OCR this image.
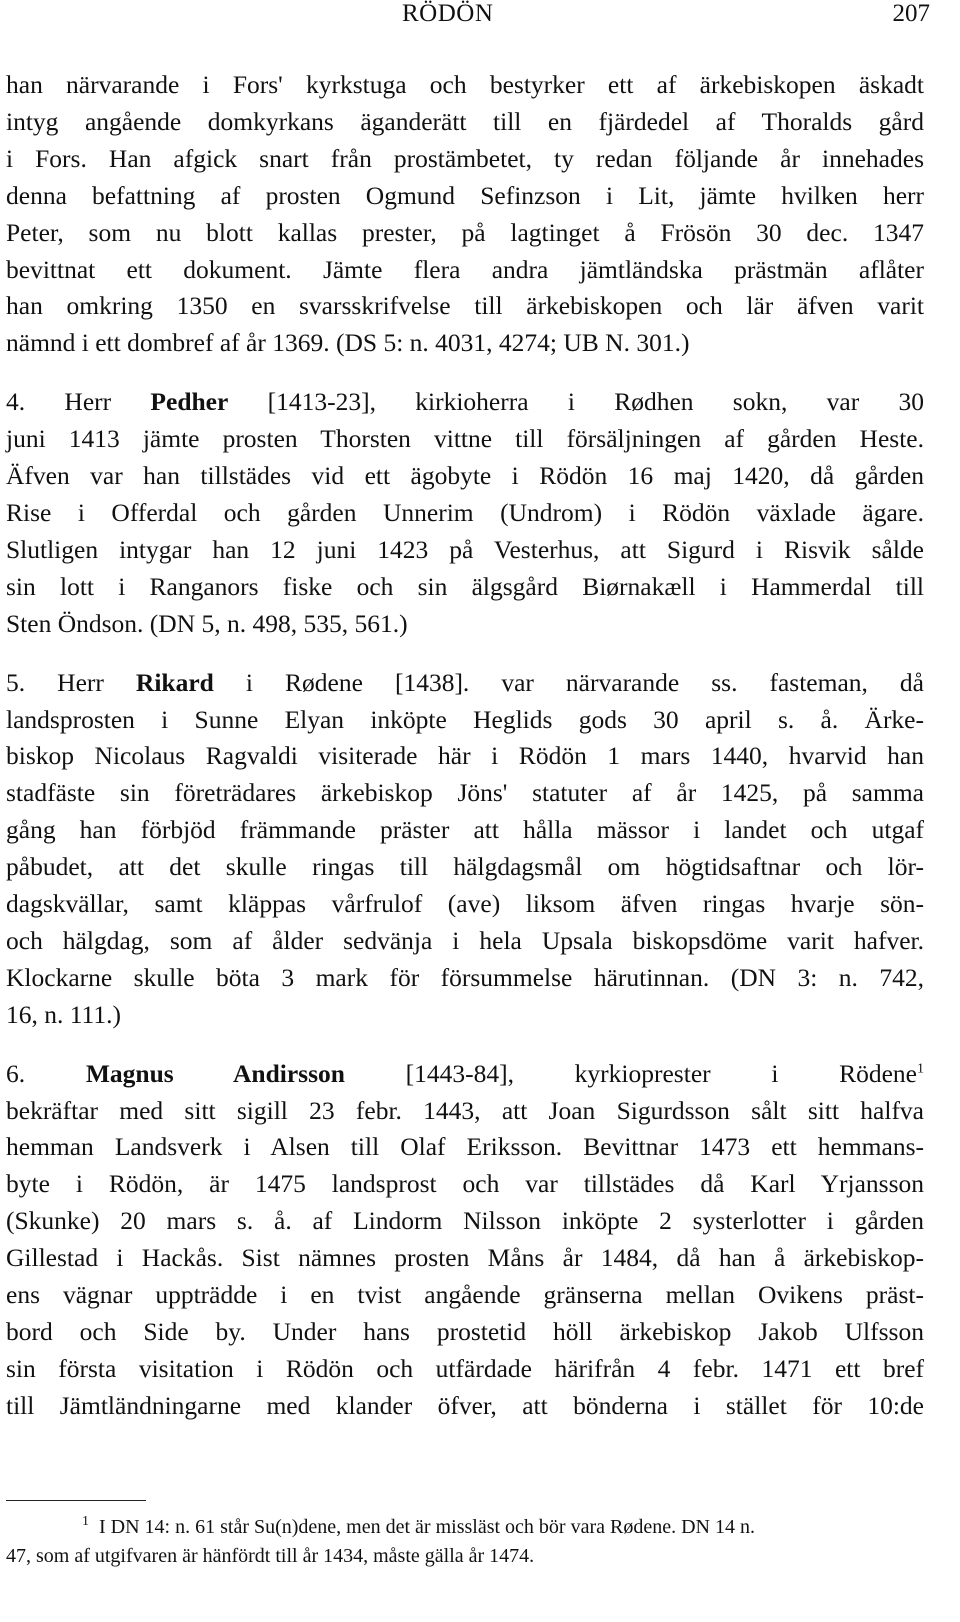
RÖDÖN	207
han närvarande i Fors' kyrkstuga och bestyrker ett af ärkebiskopen äskadt
intyg angående domkyrkans äganderätt till en fjärdedel af Thoralds gård
i Fors. Han afgick snart från prostämbetet, ty redan följande år innehades
denna befattning af prosten Ogmund Sefinzson i Lit, jämte hvilken herr
Peter, som nu blott kallas prester, på lagtinget å Frösön 30 dec. 1347
bevittnat ett dokument. Jämte flera andra jämtländska prästmän aflåter
han omkring 1350 en svarsskrifvelse till ärkebiskopen och lär äfven varit
nämnd i ett dombref af år 1369. (DS 5: n. 4031, 4274; UB N. 301.)
4. Herr Pedher [1413-23], kirkioherra i Rødhen sokn, var 30
juni 1413 jämte prosten Thorsten vittne till försäljningen af gården Heste.
Äfven var han tillstädes vid ett ägobyte i Rödön 16 maj 1420, då gården
Rise i Offerdal och gården Unnerim (Undrom) i Rödön växlade ägare.
Slutligen intygar han 12 juni 1423 på Vesterhus, att Sigurd i Risvik sålde
sin lott i Ranganors fiske och sin älgsgård Biørnakæll i Hammerdal till
Sten Öndson. (DN 5, n. 498, 535, 561.)
5. Herr Rikard i Rødene [1438]. var närvarande ss. fasteman, då
landsprosten i Sunne Elyan inköpte Heglids gods 30 april s. å. Ärke-
biskop Nicolaus Ragvaldi visiterade här i Rödön 1 mars 1440, hvarvid han
stadfäste sin företrädares ärkebiskop Jöns' statuter af år 1425, på samma
gång han förbjöd främmande präster att hålla mässor i landet och utgaf
påbudet, att det skulle ringas till hälgdagsmål om högtidsaftnar och lör-
dagskvällar, samt kläppas vårfrulof (ave) liksom äfven ringas hvarje sön-
och hälgdag, som af ålder sedvänja i hela Upsala biskopsdöme varit hafver.
Klockarne skulle böta 3 mark för försummelse härutinnan. (DN 3: n. 742,
16, n. 111.)
6. Magnus Andirsson [1443-84], kyrkioprester i Rödene$^1$
bekräftar med sitt sigill 23 febr. 1443, att Joan Sigurdsson sålt sitt halfva
hemman Landsverk i Alsen till Olaf Eriksson. Bevittnar 1473 ett hemmans-
byte i Rödön, är 1475 landsprost och var tillstädes då Karl Yrjansson
(Skunke) 20 mars s. å. af Lindorm Nilsson inköpte 2 systerlotter i gården
Gillestad i Hackås. Sist nämnes prosten Måns år 1484, då han å ärkebiskop-
ens vägnar uppträdde i en tvist angående gränserna mellan Ovikens präst-
bord och Side by. Under hans prostetid höll ärkebiskop Jakob Ulfsson
sin första visitation i Rödön och utfärdade härifrån 4 febr. 1471 ett bref
till Jämtländningarne med klander öfver, att bönderna i stället för 10:de
$^1$ I DN 14: n. 61 står Su(n)dene, men det är missläst och bör vara Rødene. DN 14 n.
47, som af utgifvaren är hänfördt till år 1434, måste gälla år 1474.
